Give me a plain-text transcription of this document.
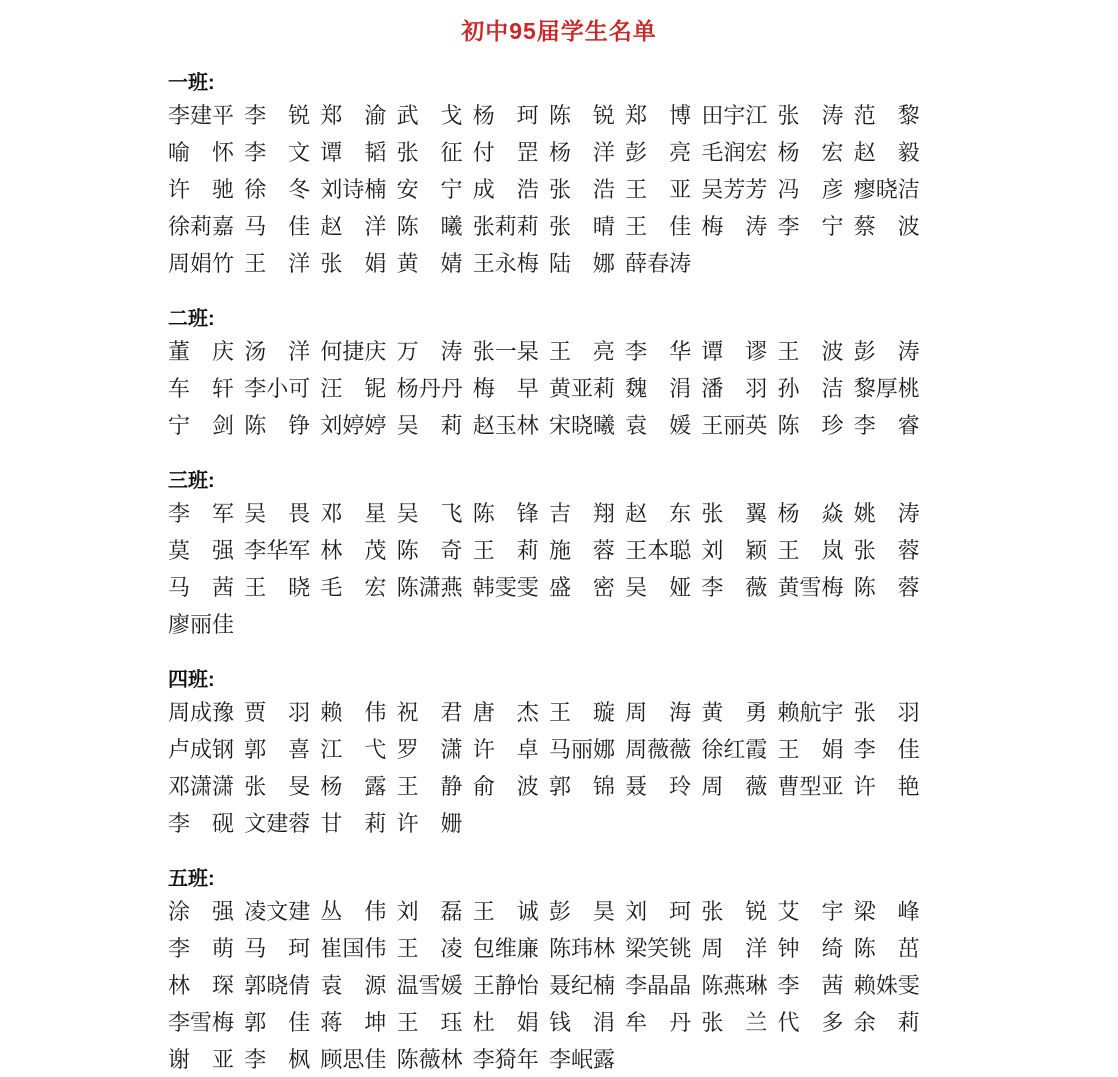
初中95届学生名单
一班:
李 建 平 李 锐 郑 渝 武 戈 杨 珂 陈 锐 郑 博 田 宇 江 张 涛 范 黎
喻 怀 李 文 谭 韬 张 征 付 罡 杨 洋 彭 亮 毛 润 宏 杨 宏 赵 毅
许 驰 徐 冬 刘 诗 楠 安 宁 成 浩 张 浩 王 亚 吴 芳 芳 冯 彦 瘳 晓 洁
徐 莉 嘉 马 佳 赵 洋 陈 曦 张 莉 莉 张 晴 王 佳 梅 涛 李 宁 蔡 波
周 娟 竹 王 洋 张 娟 黄 婧 王 永 梅 陆 娜 薛 春 涛
二班:
董 庆 汤 洋 何 捷 庆 万 涛 张 一 杲 王 亮 李 华 谭 谬 王 波 彭 涛
车 轩 李 小 可 汪 铌 杨 丹 丹 梅 早 黄 亚 莉 魏 涓 潘 羽 孙 洁 黎 厚 桃
宁 剑 陈 铮 刘 婷 婷 吴 莉 赵 玉 林 宋 晓 曦 袁 媛 王 丽 英 陈 珍 李 睿
三班:
李 军 吴 畏 邓 星 吴 飞 陈 锋 吉 翔 赵 东 张 翼 杨 焱 姚 涛
莫 强 李 华 军 林 茂 陈 奇 王 莉 施 蓉 王 本 聪 刘 颖 王 岚 张 蓉
马 茜 王 晓 毛 宏 陈 潇 燕 韩 雯 雯 盛 密 吴 娅 李 薇 黄 雪 梅 陈 蓉
廖 丽 佳
四班:
周 成 豫 贾 羽 赖 伟 祝 君 唐 杰 王 璇 周 海 黄 勇 赖 航 宇 张 羽
卢 成 钢 郭 喜 江 弋 罗 潇 许 卓 马 丽 娜 周 薇 薇 徐 红 霞 王 娟 李 佳
邓 潇 潇 张 旻 杨 露 王 静 俞 波 郭 锦 聂 玲 周 薇 曹 型 亚 许 艳
李 砚 文 建 蓉 甘 莉 许 姗
五班:
涂 强 凌 文 建 丛 伟 刘 磊 王 诚 彭 昊 刘 珂 张 锐 艾 宇 梁 峰
李 萌 马 珂 崔 国 伟 王 凌 包 维 廉 陈 玮 林 梁 笑 铫 周 洋 钟 绮 陈 茁
林 琛 郭 晓 倩 袁 源 温 雪 媛 王 静 怡 聂 纪 楠 李 晶 晶 陈 燕 琳 李 茜 赖 姝 雯
李 雪 梅 郭 佳 蒋 坤 王 珏 杜 娟 钱 涓 牟 丹 张 兰 代 多 余 莉
谢 亚 李 枫 顾 思 佳 陈 薇 林 李 猗 年 李 岷 露
